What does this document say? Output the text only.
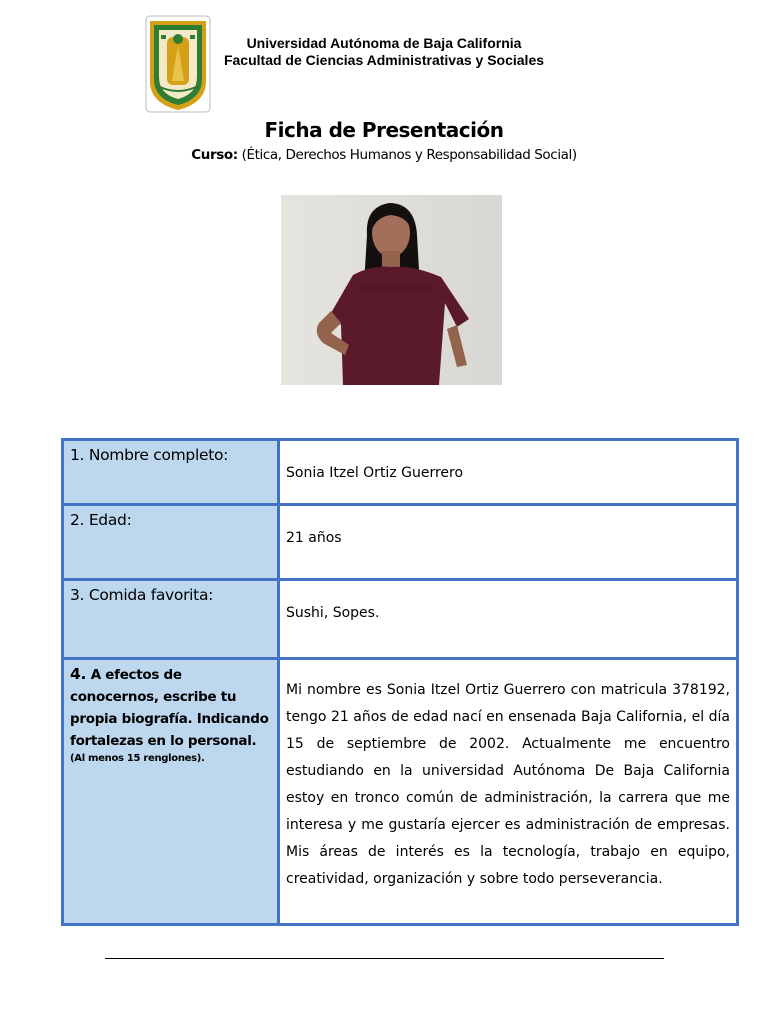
Universidad Autónoma de Baja California
Facultad de Ciencias Administrativas y Sociales
Ficha de Presentación
Curso: (Ética, Derechos Humanos y Responsabilidad Social)
1. Nombre completo:	Sonia Itzel Ortiz Guerrero

2. Edad:	21 años

3. Comida favorita:	Sushi, Sopes.

4. A efectos de conocernos, escribe tu propia biografía. Indicando fortalezas en lo personal.
(Al menos 15 renglones).	Mi nombre es Sonia Itzel Ortiz Guerrero con matricula 378192, tengo 21 años de edad nací en ensenada Baja California, el día 15 de septiembre de 2002. Actualmente me encuentro estudiando en la universidad Autónoma De Baja California estoy en tronco común de administración, la carrera que me interesa y me gustaría ejercer es administración de empresas. Mis áreas de interés es la tecnología, trabajo en equipo, creatividad, organización y sobre todo perseverancia.
